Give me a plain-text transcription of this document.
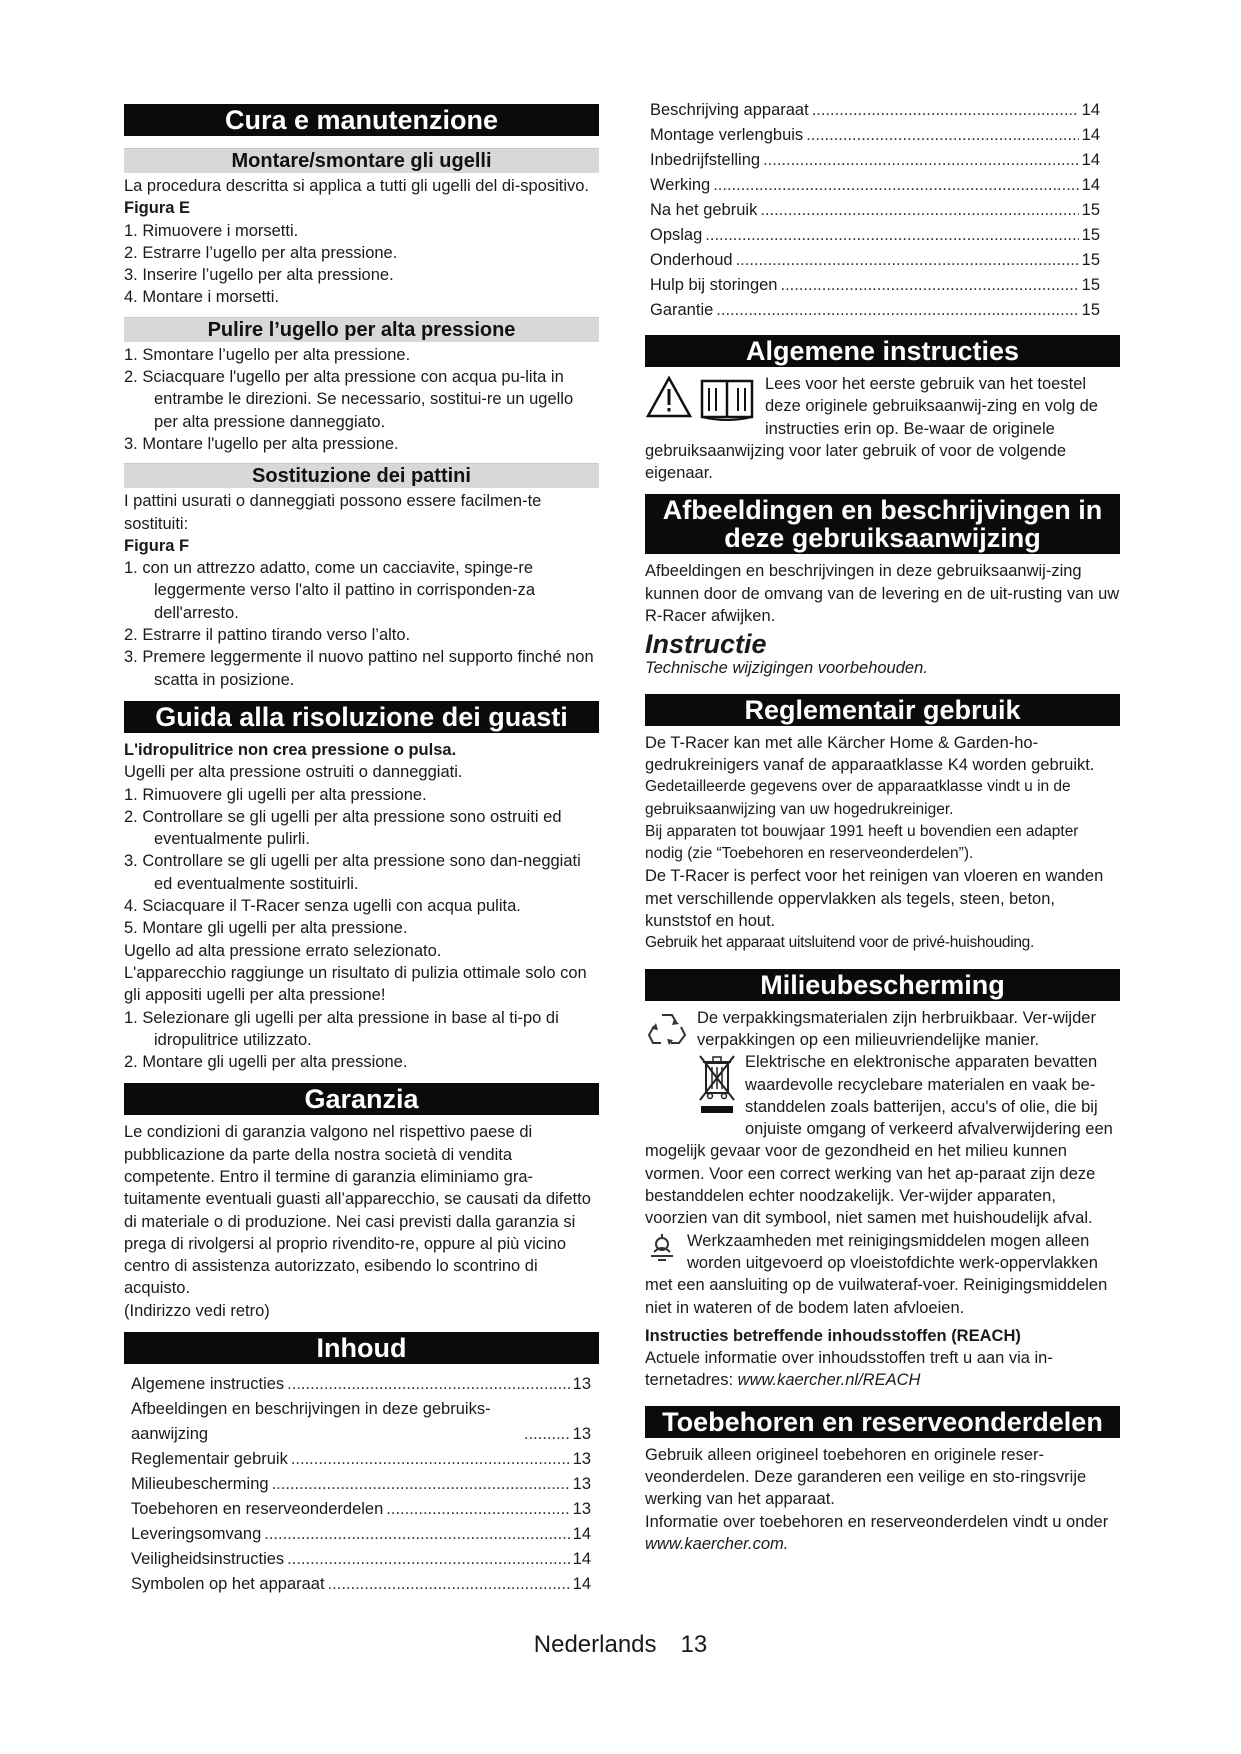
Cura e manutenzione
Montare/smontare gli ugelli

La procedura descritta si applica a tutti gli ugelli del di-spositivo.

Figura E

1. Rimuovere i morsetti.
2. Estrarre l’ugello per alta pressione.
3. Inserire l’ugello per alta pressione.
4. Montare i morsetti.
Pulire l’ugello per alta pressione
1. Smontare l’ugello per alta pressione.
2. Sciacquare l'ugello per alta pressione con acqua pu-lita in entrambe le direzioni. Se necessario, sostitui-re un ugello per alta pressione danneggiato.
3. Montare l'ugello per alta pressione.
Sostituzione dei pattini

I pattini usurati o danneggiati possono essere facilmen-te sostituiti:

Figura F

1. con un attrezzo adatto, come un cacciavite, spinge-re leggermente verso l'alto il pattino in corrisponden-za dell'arresto.
2. Estrarre il pattino tirando verso l’alto.
3. Premere leggermente il nuovo pattino nel supporto finché non scatta in posizione.
Guida alla risoluzione dei guasti

L'idropulitrice non crea pressione o pulsa.

Ugelli per alta pressione ostruiti o danneggiati.

1. Rimuovere gli ugelli per alta pressione.
2. Controllare se gli ugelli per alta pressione sono ostruiti ed eventualmente pulirli.
3. Controllare se gli ugelli per alta pressione sono dan-neggiati ed eventualmente sostituirli.
4. Sciacquare il T-Racer senza ugelli con acqua pulita.
5. Montare gli ugelli per alta pressione.

Ugello ad alta pressione errato selezionato.

L'apparecchio raggiunge un risultato di pulizia ottimale solo con gli appositi ugelli per alta pressione!

1. Selezionare gli ugelli per alta pressione in base al ti-po di idropulitrice utilizzato.
2. Montare gli ugelli per alta pressione.
Garanzia

Le condizioni di garanzia valgono nel rispettivo paese di pubblicazione da parte della nostra società di vendita competente. Entro il termine di garanzia eliminiamo gra-tuitamente eventuali guasti all’apparecchio, se causati da difetto di materiale o di produzione. Nei casi previsti dalla garanzia si prega di rivolgersi al proprio rivendito-re, oppure al più vicino centro di assistenza autorizzato, esibendo lo scontrino di acquisto.

(Indirizzo vedi retro)

Inhoud
Algemene instructies .....	13
Afbeeldingen en beschrijvingen in deze gebruiks-aanwijzing .....	13
Reglementair gebruik .....	13
Milieubescherming .....	13
Toebehoren en reserveonderdelen .....	13
Leveringsomvang .....	14
Veiligheidsinstructies .....	14
Symbolen op het apparaat .....	14
Beschrijving apparaat .....	14
Montage verlengbuis .....	14
Inbedrijfstelling .....	14
Werking .....	14
Na het gebruik .....	15
Opslag .....	15
Onderhoud .....	15
Hulp bij storingen .....	15
Garantie .....	15
Algemene instructies

Lees voor het eerste gebruik van het toestel deze originele gebruiksaanwij-zing en volg de instructies erin op. Be-waar de originele gebruiksaanwijzing voor later gebruik of voor de volgende eigenaar.

Afbeeldingen en beschrijvingen in
deze gebruiksaanwijzing

Afbeeldingen en beschrijvingen in deze gebruiksaanwij-zing kunnen door de omvang van de levering en de uit-rusting van uw R-Racer afwijken.

Instructie

Technische wijzigingen voorbehouden.

Reglementair gebruik

De T-Racer kan met alle Kärcher Home & Garden-ho-gedrukreinigers vanaf de apparaatklasse K4 worden gebruikt.

Gedetailleerde gegevens over de apparaatklasse vindt u in de gebruiksaanwijzing van uw hogedrukreiniger.

Bij apparaten tot bouwjaar 1991 heeft u bovendien een adapter nodig (zie “Toebehoren en reserveonderdelen”).

De T-Racer is perfect voor het reinigen van vloeren en wanden met verschillende oppervlakken als tegels, steen, beton, kunststof en hout.

Gebruik het apparaat uitsluitend voor de privé-huishouding.

Milieubescherming

De verpakkingsmaterialen zijn herbruikbaar. Ver-wijder verpakkingen op een milieuvriendelijke manier.

Elektrische en elektronische apparaten bevatten waardevolle recyclebare materialen en vaak be-standdelen zoals batterijen, accu's of olie, die bij onjuiste omgang of verkeerd afvalverwijdering een mogelijk gevaar voor de gezondheid en het milieu kunnen vormen. Voor een correct werking van het ap-paraat zijn deze bestanddelen echter noodzakelijk. Ver-wijder apparaten, voorzien van dit symbool, niet samen met huishoudelijk afval.

Werkzaamheden met reinigingsmiddelen mogen alleen worden uitgevoerd op vloeistofdichte werk-oppervlakken met een aansluiting op de vuilwateraf-voer. Reinigingsmiddelen niet in wateren of de bodem laten afvloeien.

Instructies betreffende inhoudsstoffen (REACH)

Actuele informatie over inhoudsstoffen treft u aan via in-ternetadres: www.kaercher.nl/REACH

Toebehoren en reserveonderdelen

Gebruik alleen origineel toebehoren en originele reser-veonderdelen. Deze garanderen een veilige en sto-ringsvrije werking van het apparaat.

Informatie over toebehoren en reserveonderdelen vindt u onder www.kaercher.com.

Nederlands 13
